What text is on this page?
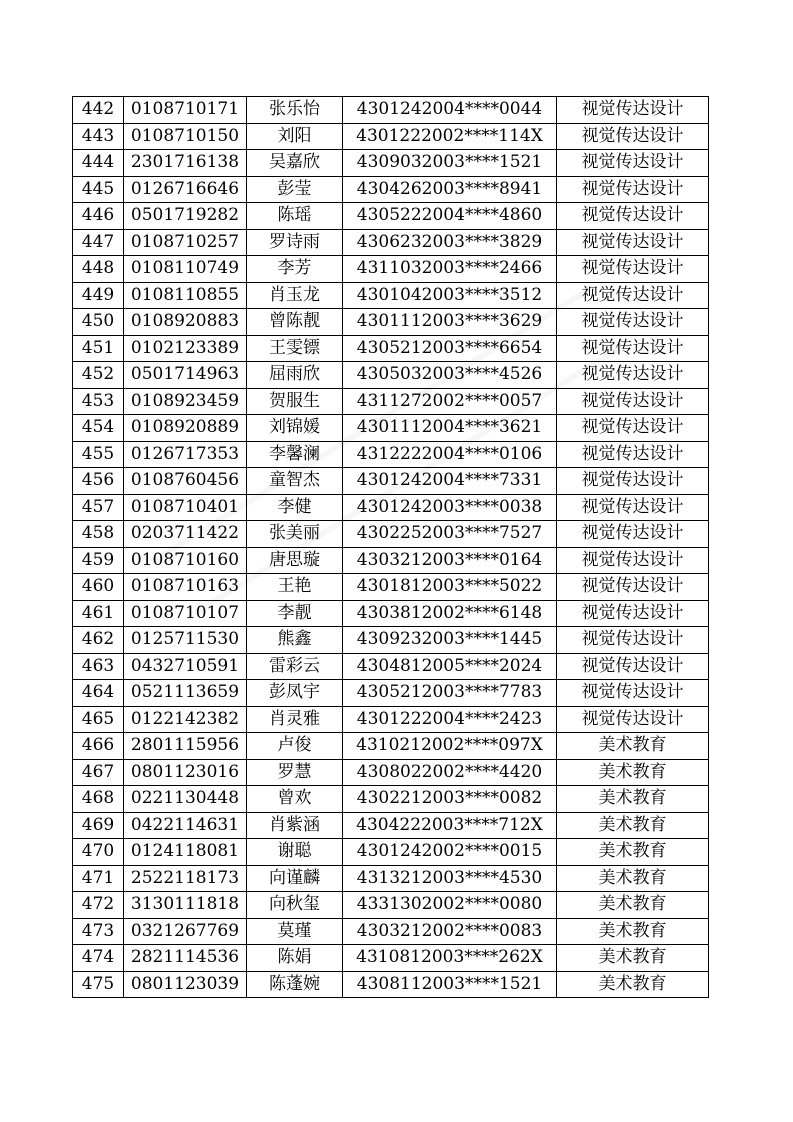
442	0108710171	张乐怡	4301242004****0044	视觉传达设计
443	0108710150	刘阳	4301222002****114X	视觉传达设计
444	2301716138	吴嘉欣	4309032003****1521	视觉传达设计
445	0126716646	彭莹	4304262003****8941	视觉传达设计
446	0501719282	陈瑶	4305222004****4860	视觉传达设计
447	0108710257	罗诗雨	4306232003****3829	视觉传达设计
448	0108110749	李芳	4311032003****2466	视觉传达设计
449	0108110855	肖玉龙	4301042003****3512	视觉传达设计
450	0108920883	曾陈靓	4301112003****3629	视觉传达设计
451	0102123389	王雯镖	4305212003****6654	视觉传达设计
452	0501714963	屈雨欣	4305032003****4526	视觉传达设计
453	0108923459	贺服生	4311272002****0057	视觉传达设计
454	0108920889	刘锦媛	4301112004****3621	视觉传达设计
455	0126717353	李馨澜	4312222004****0106	视觉传达设计
456	0108760456	童智杰	4301242004****7331	视觉传达设计
457	0108710401	李健	4301242003****0038	视觉传达设计
458	0203711422	张美丽	4302252003****7527	视觉传达设计
459	0108710160	唐思璇	4303212003****0164	视觉传达设计
460	0108710163	王艳	4301812003****5022	视觉传达设计
461	0108710107	李靓	4303812002****6148	视觉传达设计
462	0125711530	熊鑫	4309232003****1445	视觉传达设计
463	0432710591	雷彩云	4304812005****2024	视觉传达设计
464	0521113659	彭凤宇	4305212003****7783	视觉传达设计
465	0122142382	肖灵雅	4301222004****2423	视觉传达设计
466	2801115956	卢俊	4310212002****097X	美术教育
467	0801123016	罗慧	4308022002****4420	美术教育
468	0221130448	曾欢	4302212003****0082	美术教育
469	0422114631	肖紫涵	4304222003****712X	美术教育
470	0124118081	谢聪	4301242002****0015	美术教育
471	2522118173	向谨麟	4313212003****4530	美术教育
472	3130111818	向秋玺	4331302002****0080	美术教育
473	0321267769	莫瑾	4303212002****0083	美术教育
474	2821114536	陈娟	4310812003****262X	美术教育
475	0801123039	陈蓬婉	4308112003****1521	美术教育
